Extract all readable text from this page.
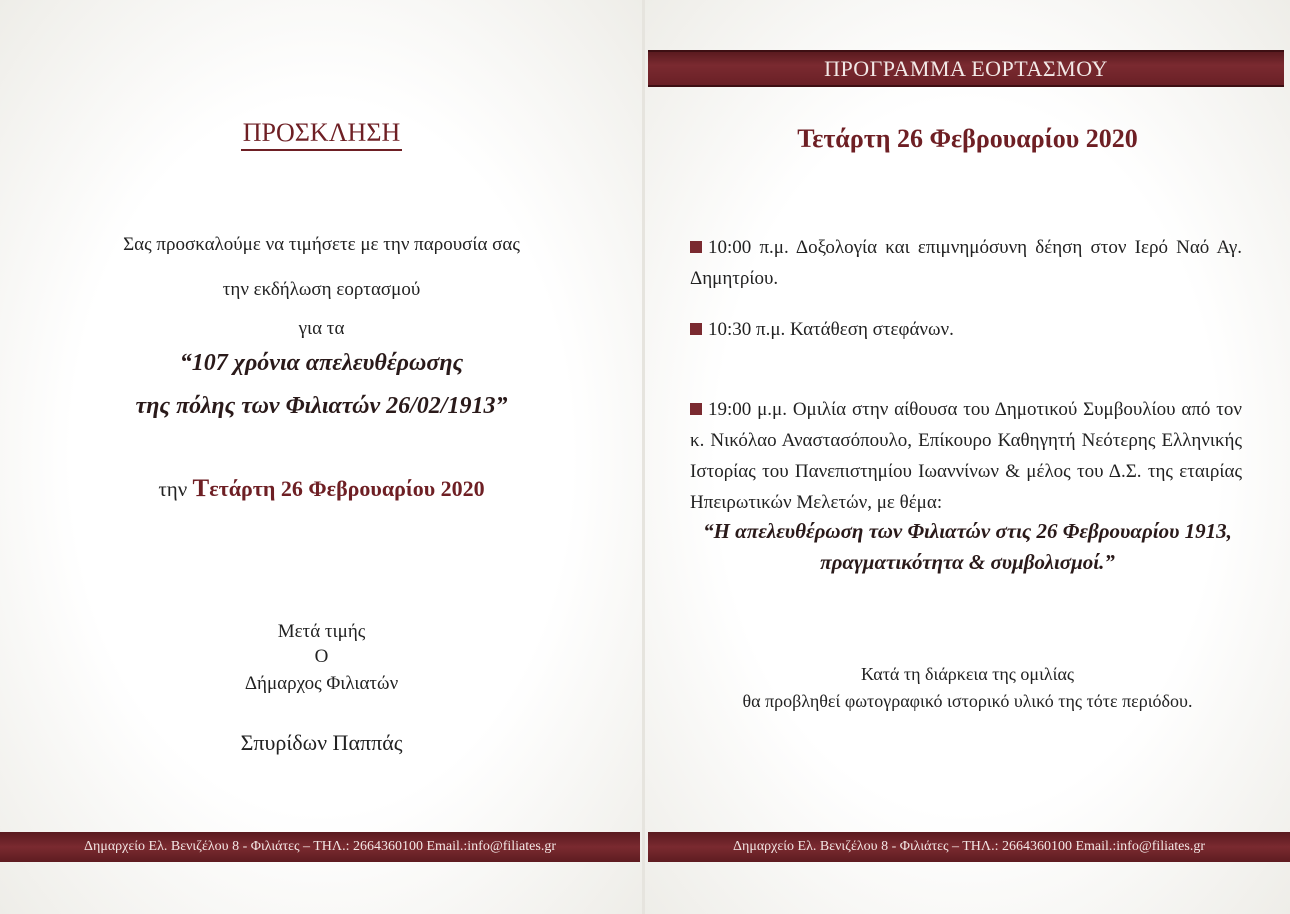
ΠΡΟΣΚΛΗΣΗ
Σας προσκαλούμε να τιμήσετε με την παρουσία σας
την εκδήλωση εορτασμού
για τα
“107 χρόνια απελευθέρωσης
της πόλης των Φιλιατών 26/02/1913”
την Τετάρτη 26 Φεβρουαρίου 2020
Μετά τιμής
Ο
Δήμαρχος Φιλιατών
Σπυρίδων Παππάς
Δημαρχείο Ελ. Βενιζέλου 8 - Φιλιάτες – ΤΗΛ.: 2664360100 Email.:info@filiates.gr
ΠΡΟΓΡΑΜΜΑ ΕΟΡΤΑΣΜΟΥ
Τετάρτη 26 Φεβρουαρίου 2020
10:00 π.μ. Δοξολογία και επιμνημόσυνη δέηση στον Ιερό Ναό Αγ. Δημητρίου.
10:30 π.μ. Κατάθεση στεφάνων.
19:00 μ.μ. Ομιλία στην αίθουσα του Δημοτικού Συμβουλίου από τον κ. Νικόλαο Αναστασόπουλο, Επίκουρο Καθηγητή Νεότερης Ελληνικής Ιστορίας του Πανεπιστημίου Ιωαννίνων & μέλος του Δ.Σ. της εταιρίας Ηπειρωτικών Μελετών, με θέμα:
“Η απελευθέρωση των Φιλιατών στις 26 Φεβρουαρίου 1913,
πραγματικότητα & συμβολισμοί.”
Κατά τη διάρκεια της ομιλίας
θα προβληθεί φωτογραφικό ιστορικό υλικό της τότε περιόδου.
Δημαρχείο Ελ. Βενιζέλου 8 - Φιλιάτες – ΤΗΛ.: 2664360100 Email.:info@filiates.gr
